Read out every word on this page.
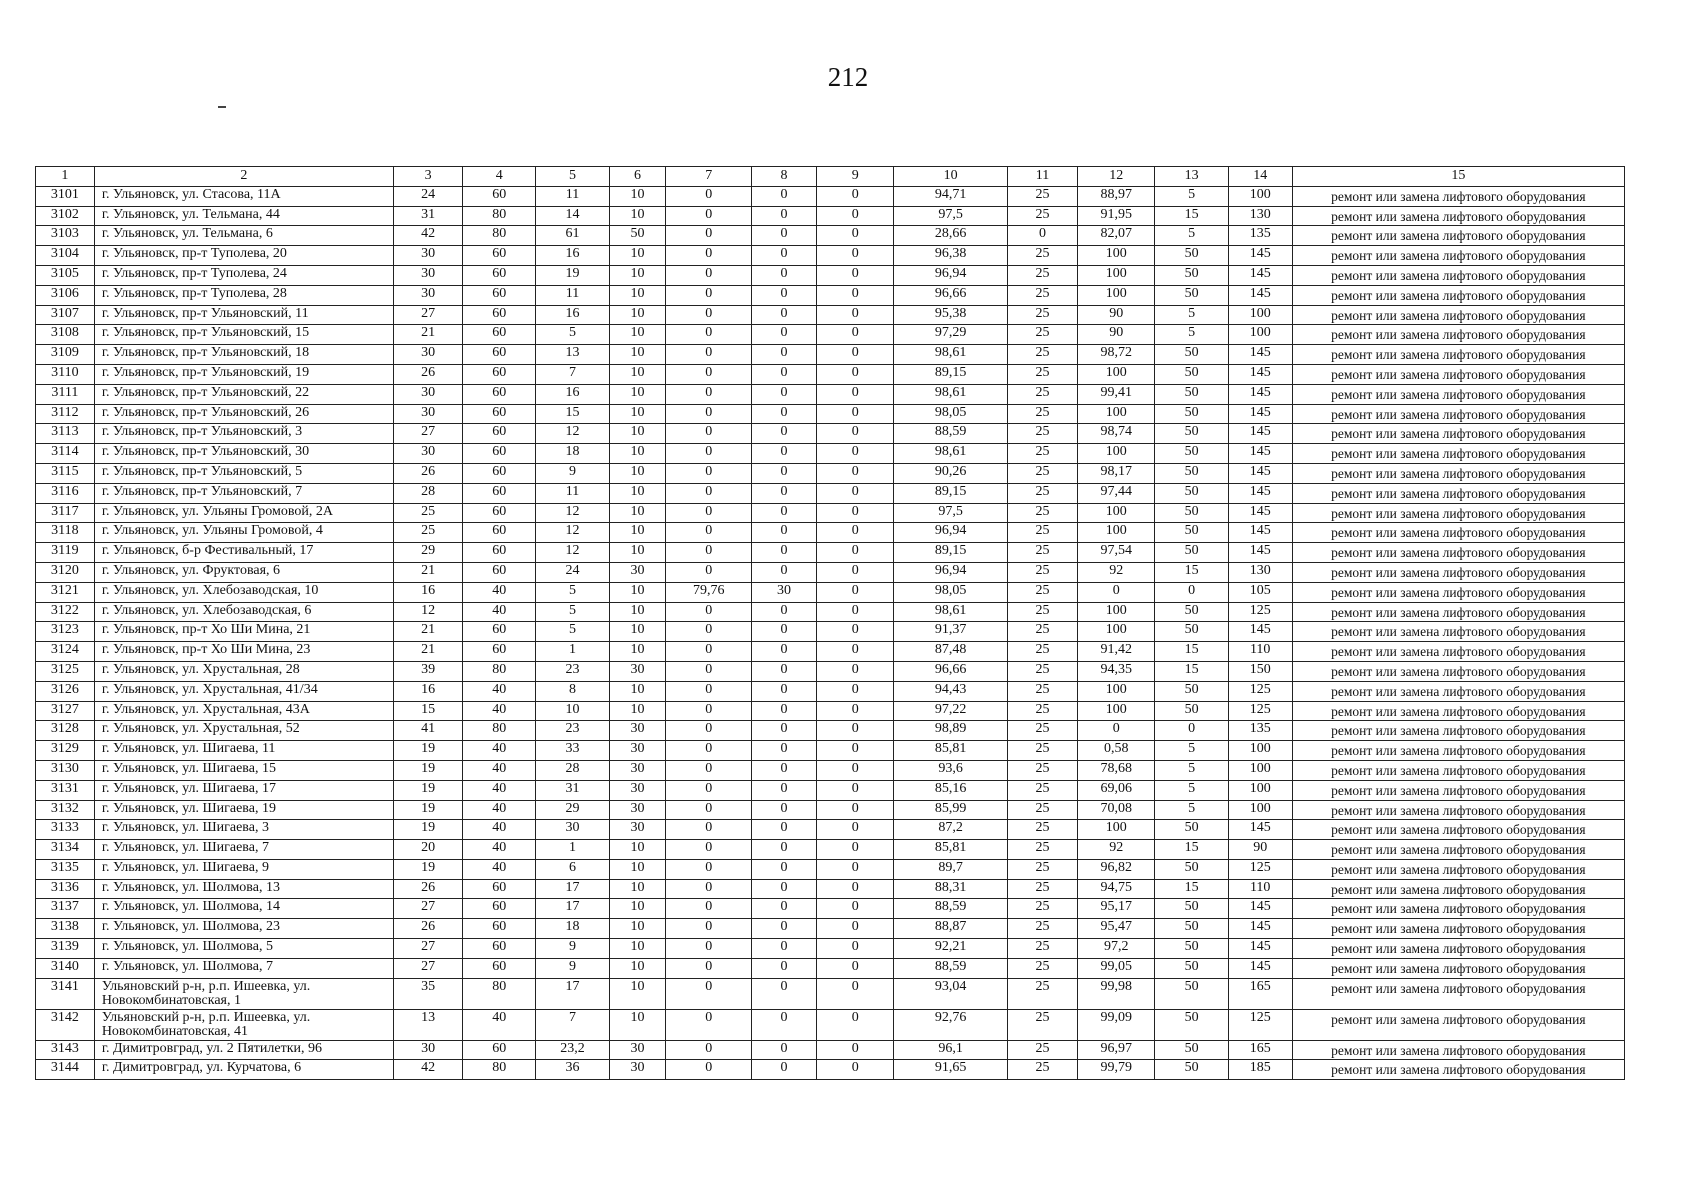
212
1	2	3	4	5	6	7	8	9	10	11	12	13	14	15
3101	г. Ульяновск, ул. Стасова, 11А	24	60	11	10	0	0	0	94,71	25	88,97	5	100	ремонт или замена лифтового оборудования
3102	г. Ульяновск, ул. Тельмана, 44	31	80	14	10	0	0	0	97,5	25	91,95	15	130	ремонт или замена лифтового оборудования
3103	г. Ульяновск, ул. Тельмана, 6	42	80	61	50	0	0	0	28,66	0	82,07	5	135	ремонт или замена лифтового оборудования
3104	г. Ульяновск, пр-т Туполева, 20	30	60	16	10	0	0	0	96,38	25	100	50	145	ремонт или замена лифтового оборудования
3105	г. Ульяновск, пр-т Туполева, 24	30	60	19	10	0	0	0	96,94	25	100	50	145	ремонт или замена лифтового оборудования
3106	г. Ульяновск, пр-т Туполева, 28	30	60	11	10	0	0	0	96,66	25	100	50	145	ремонт или замена лифтового оборудования
3107	г. Ульяновск, пр-т Ульяновский, 11	27	60	16	10	0	0	0	95,38	25	90	5	100	ремонт или замена лифтового оборудования
3108	г. Ульяновск, пр-т Ульяновский, 15	21	60	5	10	0	0	0	97,29	25	90	5	100	ремонт или замена лифтового оборудования
3109	г. Ульяновск, пр-т Ульяновский, 18	30	60	13	10	0	0	0	98,61	25	98,72	50	145	ремонт или замена лифтового оборудования
3110	г. Ульяновск, пр-т Ульяновский, 19	26	60	7	10	0	0	0	89,15	25	100	50	145	ремонт или замена лифтового оборудования
3111	г. Ульяновск, пр-т Ульяновский, 22	30	60	16	10	0	0	0	98,61	25	99,41	50	145	ремонт или замена лифтового оборудования
3112	г. Ульяновск, пр-т Ульяновский, 26	30	60	15	10	0	0	0	98,05	25	100	50	145	ремонт или замена лифтового оборудования
3113	г. Ульяновск, пр-т Ульяновский, 3	27	60	12	10	0	0	0	88,59	25	98,74	50	145	ремонт или замена лифтового оборудования
3114	г. Ульяновск, пр-т Ульяновский, 30	30	60	18	10	0	0	0	98,61	25	100	50	145	ремонт или замена лифтового оборудования
3115	г. Ульяновск, пр-т Ульяновский, 5	26	60	9	10	0	0	0	90,26	25	98,17	50	145	ремонт или замена лифтового оборудования
3116	г. Ульяновск, пр-т Ульяновский, 7	28	60	11	10	0	0	0	89,15	25	97,44	50	145	ремонт или замена лифтового оборудования
3117	г. Ульяновск, ул. Ульяны Громовой, 2А	25	60	12	10	0	0	0	97,5	25	100	50	145	ремонт или замена лифтового оборудования
3118	г. Ульяновск, ул. Ульяны Громовой, 4	25	60	12	10	0	0	0	96,94	25	100	50	145	ремонт или замена лифтового оборудования
3119	г. Ульяновск, б-р Фестивальный, 17	29	60	12	10	0	0	0	89,15	25	97,54	50	145	ремонт или замена лифтового оборудования
3120	г. Ульяновск, ул. Фруктовая, 6	21	60	24	30	0	0	0	96,94	25	92	15	130	ремонт или замена лифтового оборудования
3121	г. Ульяновск, ул. Хлебозаводская, 10	16	40	5	10	79,76	30	0	98,05	25	0	0	105	ремонт или замена лифтового оборудования
3122	г. Ульяновск, ул. Хлебозаводская, 6	12	40	5	10	0	0	0	98,61	25	100	50	125	ремонт или замена лифтового оборудования
3123	г. Ульяновск, пр-т Хо Ши Мина, 21	21	60	5	10	0	0	0	91,37	25	100	50	145	ремонт или замена лифтового оборудования
3124	г. Ульяновск, пр-т Хо Ши Мина, 23	21	60	1	10	0	0	0	87,48	25	91,42	15	110	ремонт или замена лифтового оборудования
3125	г. Ульяновск, ул. Хрустальная, 28	39	80	23	30	0	0	0	96,66	25	94,35	15	150	ремонт или замена лифтового оборудования
3126	г. Ульяновск, ул. Хрустальная, 41/34	16	40	8	10	0	0	0	94,43	25	100	50	125	ремонт или замена лифтового оборудования
3127	г. Ульяновск, ул. Хрустальная, 43А	15	40	10	10	0	0	0	97,22	25	100	50	125	ремонт или замена лифтового оборудования
3128	г. Ульяновск, ул. Хрустальная, 52	41	80	23	30	0	0	0	98,89	25	0	0	135	ремонт или замена лифтового оборудования
3129	г. Ульяновск, ул. Шигаева, 11	19	40	33	30	0	0	0	85,81	25	0,58	5	100	ремонт или замена лифтового оборудования
3130	г. Ульяновск, ул. Шигаева, 15	19	40	28	30	0	0	0	93,6	25	78,68	5	100	ремонт или замена лифтового оборудования
3131	г. Ульяновск, ул. Шигаева, 17	19	40	31	30	0	0	0	85,16	25	69,06	5	100	ремонт или замена лифтового оборудования
3132	г. Ульяновск, ул. Шигаева, 19	19	40	29	30	0	0	0	85,99	25	70,08	5	100	ремонт или замена лифтового оборудования
3133	г. Ульяновск, ул. Шигаева, 3	19	40	30	30	0	0	0	87,2	25	100	50	145	ремонт или замена лифтового оборудования
3134	г. Ульяновск, ул. Шигаева, 7	20	40	1	10	0	0	0	85,81	25	92	15	90	ремонт или замена лифтового оборудования
3135	г. Ульяновск, ул. Шигаева, 9	19	40	6	10	0	0	0	89,7	25	96,82	50	125	ремонт или замена лифтового оборудования
3136	г. Ульяновск, ул. Шолмова, 13	26	60	17	10	0	0	0	88,31	25	94,75	15	110	ремонт или замена лифтового оборудования
3137	г. Ульяновск, ул. Шолмова, 14	27	60	17	10	0	0	0	88,59	25	95,17	50	145	ремонт или замена лифтового оборудования
3138	г. Ульяновск, ул. Шолмова, 23	26	60	18	10	0	0	0	88,87	25	95,47	50	145	ремонт или замена лифтового оборудования
3139	г. Ульяновск, ул. Шолмова, 5	27	60	9	10	0	0	0	92,21	25	97,2	50	145	ремонт или замена лифтового оборудования
3140	г. Ульяновск, ул. Шолмова, 7	27	60	9	10	0	0	0	88,59	25	99,05	50	145	ремонт или замена лифтового оборудования
3141	Ульяновский р-н, р.п. Ишеевка, ул. Новокомбинатовская, 1	35	80	17	10	0	0	0	93,04	25	99,98	50	165	ремонт или замена лифтового оборудования
3142	Ульяновский р-н, р.п. Ишеевка, ул. Новокомбинатовская, 41	13	40	7	10	0	0	0	92,76	25	99,09	50	125	ремонт или замена лифтового оборудования
3143	г. Димитровград, ул. 2 Пятилетки, 96	30	60	23,2	30	0	0	0	96,1	25	96,97	50	165	ремонт или замена лифтового оборудования
3144	г. Димитровград, ул. Курчатова, 6	42	80	36	30	0	0	0	91,65	25	99,79	50	185	ремонт или замена лифтового оборудования
